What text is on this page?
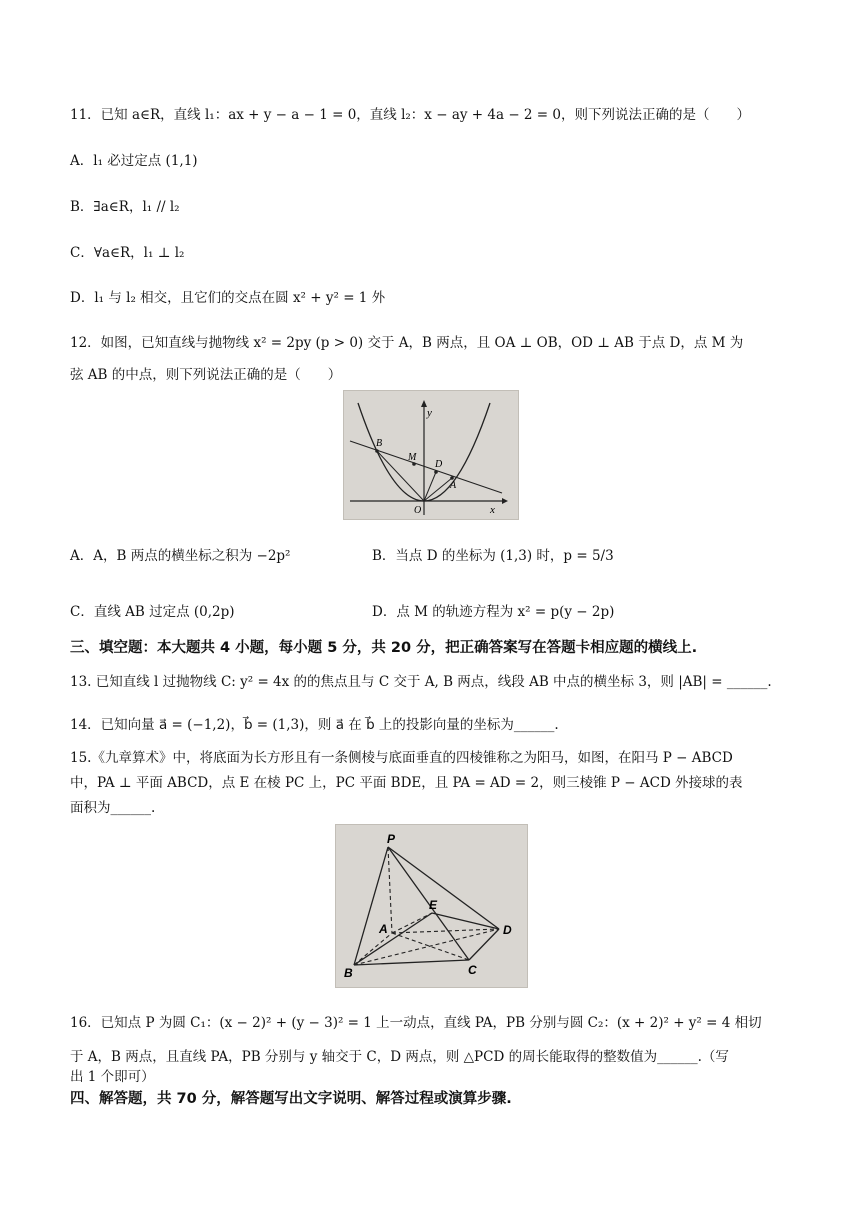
11．已知 a∈R，直线 l₁：ax + y − a − 1 = 0，直线 l₂：x − ay + 4a − 2 = 0，则下列说法正确的是（　　）
A．l₁ 必过定点 (1,1)
B．∃a∈R，l₁ // l₂
C．∀a∈R，l₁ ⊥ l₂
D．l₁ 与 l₂ 相交，且它们的交点在圆 x² + y² = 1 外
12．如图，已知直线与抛物线 x² = 2py (p > 0) 交于 A，B 两点，且 OA ⊥ OB，OD ⊥ AB 于点 D，点 M 为
弦 AB 的中点，则下列说法正确的是（　　）
y
x
B
M
D
A
O
A．A，B 两点的横坐标之积为 −2p²	B．当点 D 的坐标为 (1,3) 时，p = 5/3
C．直线 AB 过定点 (0,2p)	D．点 M 的轨迹方程为 x² = p(y − 2p)
三、填空题：本大题共 4 小题，每小题 5 分，共 20 分，把正确答案写在答题卡相应题的横线上.
13. 已知直线 l 过抛物线 C: y² = 4x 的的焦点且与 C 交于 A, B 两点，线段 AB 中点的横坐标 3，则 |AB| = ______.
14．已知向量 a⃗ = (−1,2)，b⃗ = (1,3)，则 a⃗ 在 b⃗ 上的投影向量的坐标为______.
15.《九章算术》中，将底面为长方形且有一条侧棱与底面垂直的四棱锥称之为阳马，如图，在阳马 P − ABCD
中，PA ⊥ 平面 ABCD，点 E 在棱 PC 上，PC 平面 BDE，且 PA = AD = 2，则三棱锥 P − ACD 外接球的表
面积为______.
P
E
A	D
B	C
16．已知点 P 为圆 C₁：(x − 2)² + (y − 3)² = 1 上一动点，直线 PA，PB 分别与圆 C₂：(x + 2)² + y² = 4 相切
于 A，B 两点，且直线 PA，PB 分别与 y 轴交于 C，D 两点，则 △PCD 的周长能取得的整数值为______.（写
出 1 个即可）
四、解答题，共 70 分，解答题写出文字说明、解答过程或演算步骤.
